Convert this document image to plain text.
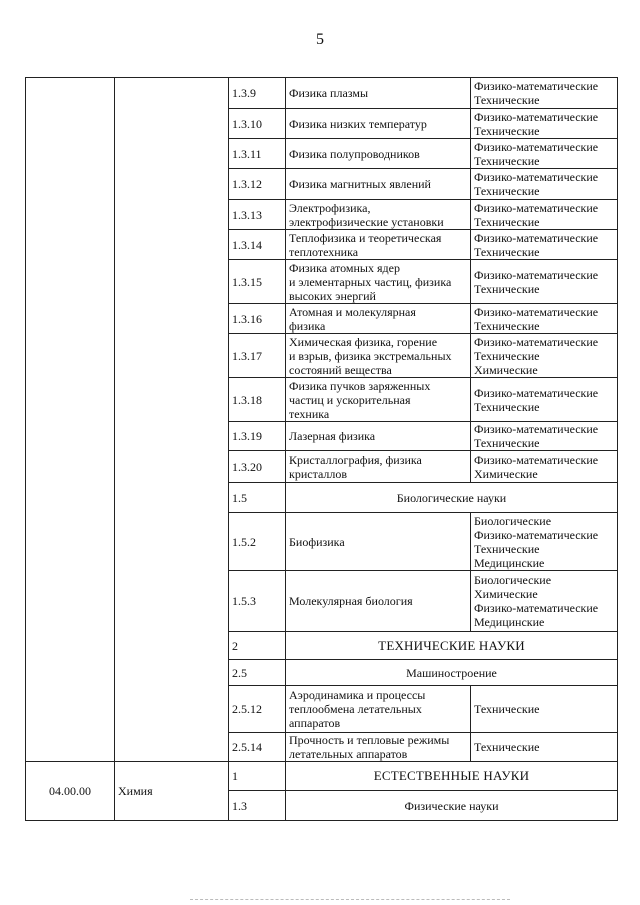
5
		1.3.9	Физика плазмы	Физико-математические
Технические

		1.3.10	Физика низких температур	Физико-математические
Технические

		1.3.11	Физика полупроводников	Физико-математические
Технические

		1.3.12	Физика магнитных явлений	Физико-математические
Технические

		1.3.13	Электрофизика,
электрофизические установки	Физико-математические
Технические

		1.3.14	Теплофизика и теоретическая
теплотехника	Физико-математические
Технические

		1.3.15	Физика атомных ядер
и элементарных частиц, физика
высоких энергий	Физико-математические
Технические

		1.3.16	Атомная и молекулярная
физика	Физико-математические
Технические

		1.3.17	Химическая физика, горение
и взрыв, физика экстремальных
состояний вещества	Физико-математические
Технические
Химические

		1.3.18	Физика пучков заряженных
частиц и ускорительная
техника	Физико-математические
Технические

		1.3.19	Лазерная физика	Физико-математические
Технические

		1.3.20	Кристаллография, физика
кристаллов	Физико-математические
Химические

		1.5	Биологические науки	
		1.5.2	Биофизика	Биологические
Физико-математические
Технические
Медицинские

		1.5.3	Молекулярная биология	Биологические
Химические
Физико-математические
Медицинские

		2	ТЕХНИЧЕСКИЕ НАУКИ	
		2.5	Машиностроение	
		2.5.12	Аэродинамика и процессы
теплообмена летательных
аппаратов	Технические

		2.5.14	Прочность и тепловые режимы
летательных аппаратов	Технические

04.00.00	Химия	1	ЕСТЕСТВЕННЫЕ НАУКИ	
		1.3	Физические науки	
